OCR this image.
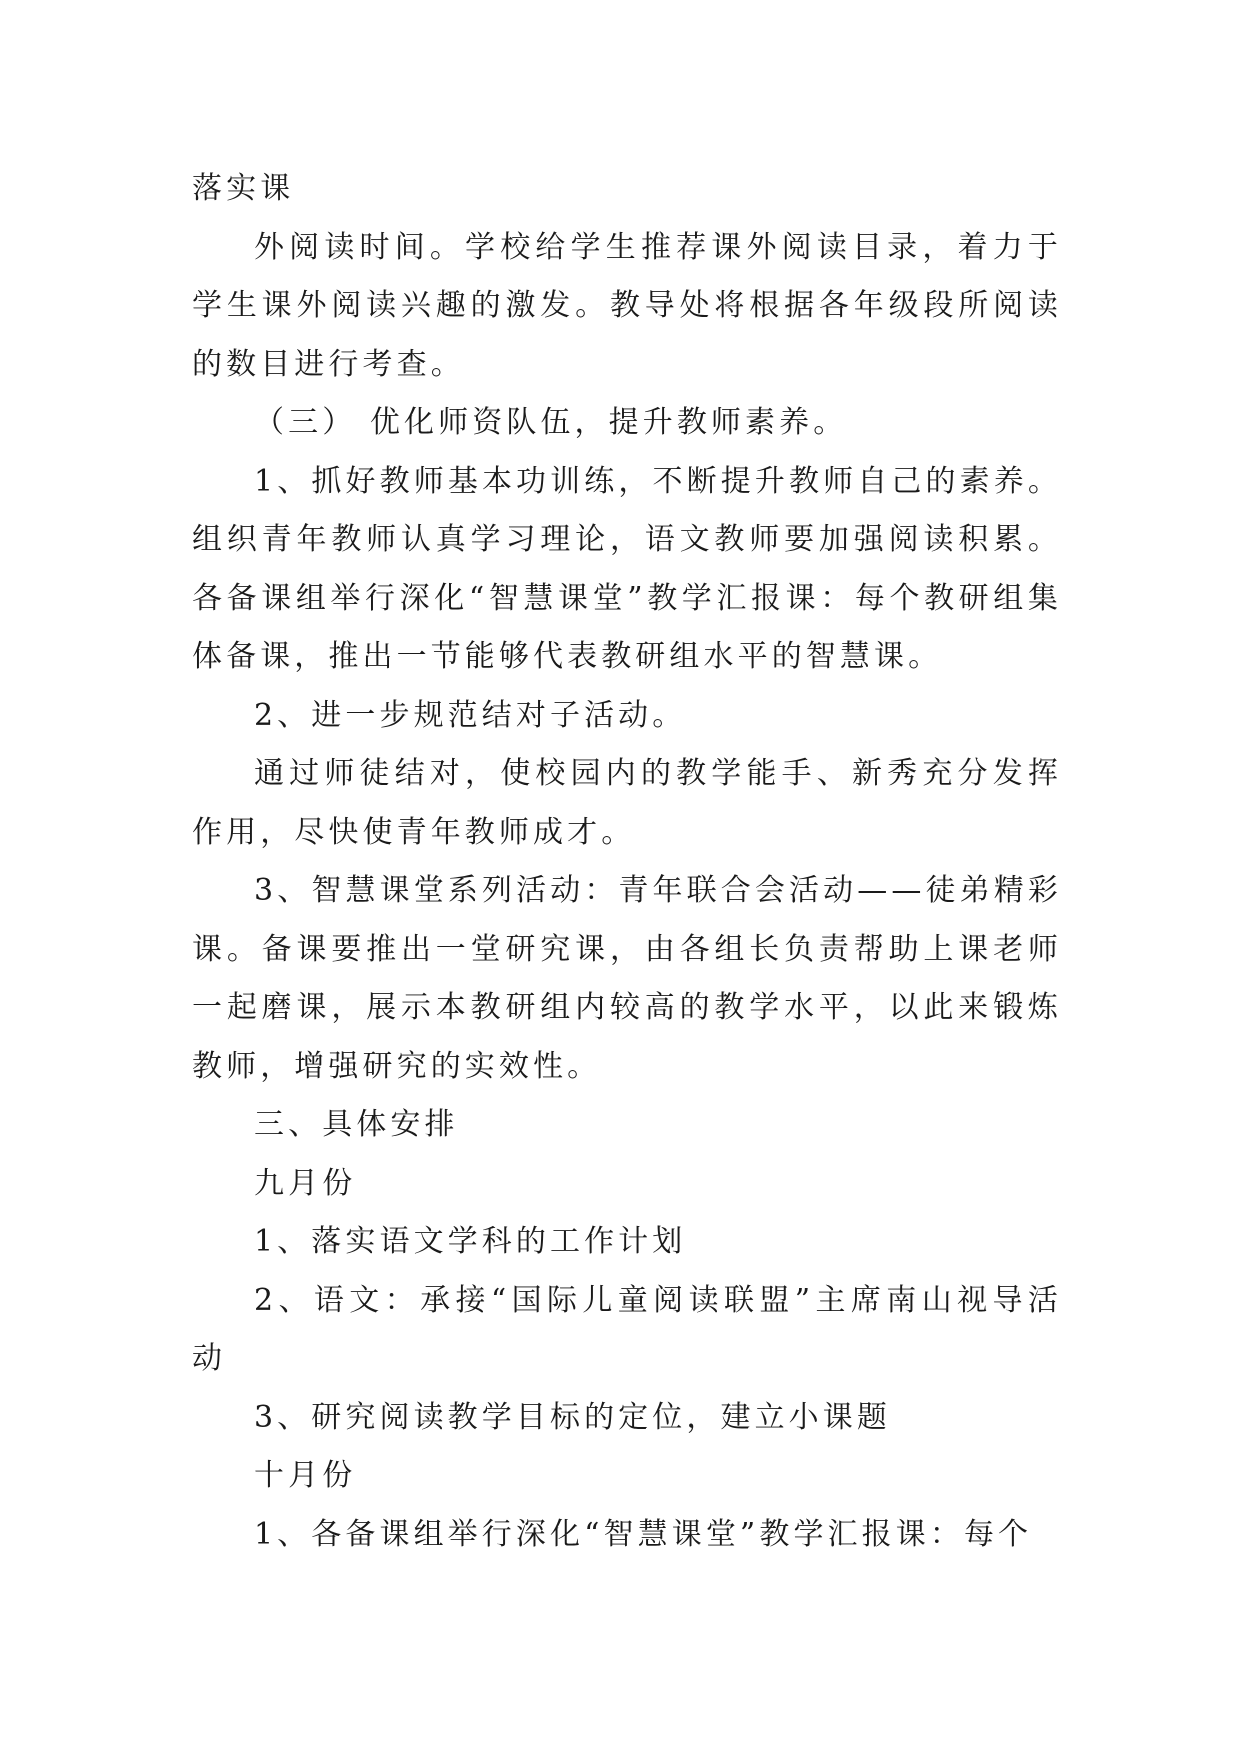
落实课

外阅读时间。学校给学生推荐课外阅读目录，着力于学生课外阅读兴趣的激发。教导处将根据各年级段所阅读的数目进行考查。

（三） 优化师资队伍，提升教师素养。

1、抓好教师基本功训练，不断提升教师自己的素养。组织青年教师认真学习理论，语文教师要加强阅读积累。各备课组举行深化“智慧课堂”教学汇报课：每个教研组集体备课，推出一节能够代表教研组水平的智慧课。

2、进一步规范结对子活动。

通过师徒结对，使校园内的教学能手、新秀充分发挥作用，尽快使青年教师成才。

3、智慧课堂系列活动：青年联合会活动——徒弟精彩课。备课要推出一堂研究课，由各组长负责帮助上课老师一起磨课，展示本教研组内较高的教学水平，以此来锻炼教师，增强研究的实效性。

三、具体安排

九月份

1、落实语文学科的工作计划

2、语文：承接“国际儿童阅读联盟”主席南山视导活动

3、研究阅读教学目标的定位，建立小课题

十月份

1、各备课组举行深化“智慧课堂”教学汇报课：每个
